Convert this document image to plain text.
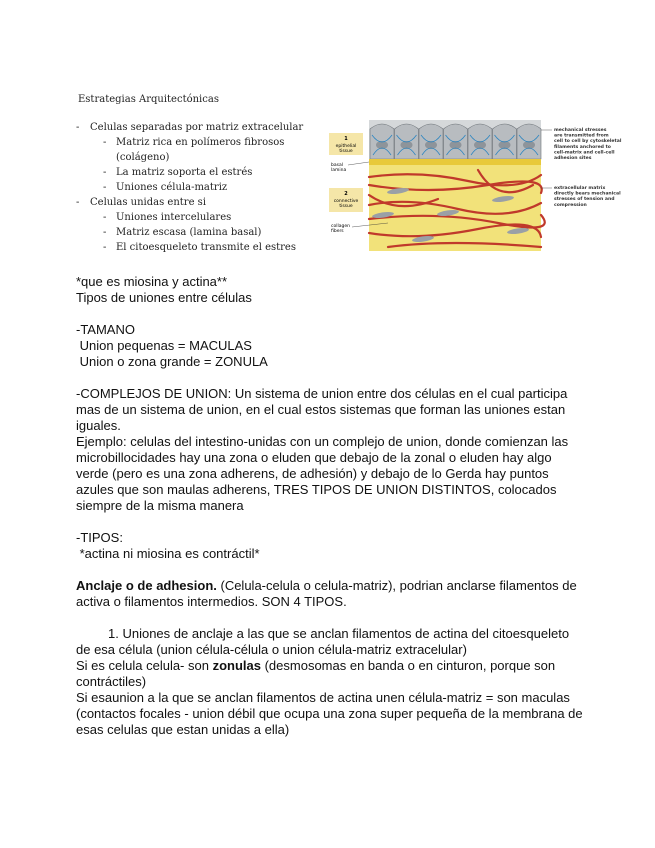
Estrategias Arquitectónicas
- Celulas separadas por matriz extracelular
- Matriz rica en polímeros fibrosos (colágeno)
- La matriz soporta el estrés
- Uniones célula-matriz
- Celulas unidas entre si
- Uniones intercelulares
- Matriz escasa (lamina basal)
- El citoesqueleto transmite el estres
1
epithelial
tissue
basal
lamina
2
connective
tissue
collagen
fibers
mechanical stresses
are transmitted from
cell to cell by cytoskeletal
filaments anchored to
cell-matrix and cell-cell
adhesion sites
extracellular matrix
directly bears mechanical
stresses of tension and
compression

*que es miosina y actina**

Tipos de uniones entre células

-TAMANO

Union pequenas = MACULAS

Union o zona grande = ZONULA

-COMPLEJOS DE UNION: Un sistema de union entre dos células en el cual participa mas de un sistema de union, en el cual estos sistemas que forman las uniones estan iguales.

Ejemplo: celulas del intestino-unidas con un complejo de union, donde comienzan las microbillocidades hay una zona o eluden que debajo de la zonal o eluden hay algo verde (pero es una zona adherens, de adhesión) y debajo de lo Gerda hay puntos azules que son maulas adherens, TRES TIPOS DE UNION DISTINTOS, colocados siempre de la misma manera

-TIPOS:

*actina ni miosina es contráctil*

Anclaje o de adhesion. (Celula-celula o celula-matriz), podrian anclarse filamentos de activa o filamentos intermedios. SON 4 TIPOS.

1. Uniones de anclaje a las que se anclan filamentos de actina del citoesqueleto de esa célula (union célula-célula o union célula-matriz extracelular)

Si es celula celula- son zonulas (desmosomas en banda o en cinturon, porque son contráctiles)

Si esaunion a la que se anclan filamentos de actina unen célula-matriz = son maculas (contactos focales - union débil que ocupa una zona super pequeña de la membrana de esas celulas que estan unidas a ella)
